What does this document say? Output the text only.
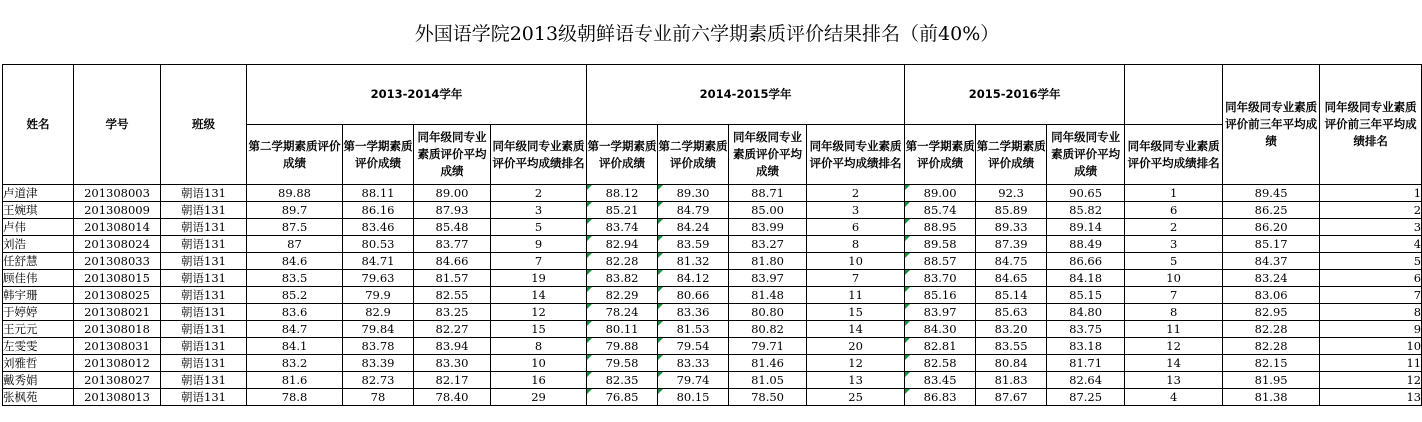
外国语学院2013级朝鲜语专业前六学期素质评价结果排名（前40%）
姓名	学号	班级	2013-2014学年				2014-2015学年				2015-2016学年				同年级同专业素质评价前三年平均成绩	同年级同专业素质评价前三年平均成绩排名
			第二学期素质评价成绩	第一学期素质评价成绩	同年级同专业素质评价平均成绩	同年级同专业素质评价平均成绩排名	第一学期素质评价成绩	第二学期素质评价成绩	同年级同专业素质评价平均成绩	同年级同专业素质评价平均成绩排名	第一学期素质评价成绩	第二学期素质评价成绩	同年级同专业素质评价平均成绩	同年级同专业素质评价平均成绩排名		
卢道津	201308003	朝语131	89.88	88.11	89.00	2	88.12	89.30	88.71	2	89.00	92.3	90.65	1	89.45	1
王婉琪	201308009	朝语131	89.7	86.16	87.93	3	85.21	84.79	85.00	3	85.74	85.89	85.82	6	86.25	2
卢伟	201308014	朝语131	87.5	83.46	85.48	5	83.74	84.24	83.99	6	88.95	89.33	89.14	2	86.20	3
刘浩	201308024	朝语131	87	80.53	83.77	9	82.94	83.59	83.27	8	89.58	87.39	88.49	3	85.17	4
任舒慧	201308033	朝语131	84.6	84.71	84.66	7	82.28	81.32	81.80	10	88.57	84.75	86.66	5	84.37	5
顾佳伟	201308015	朝语131	83.5	79.63	81.57	19	83.82	84.12	83.97	7	83.70	84.65	84.18	10	83.24	6
韩宇珊	201308025	朝语131	85.2	79.9	82.55	14	82.29	80.66	81.48	11	85.16	85.14	85.15	7	83.06	7
于婷婷	201308021	朝语131	83.6	82.9	83.25	12	78.24	83.36	80.80	15	83.97	85.63	84.80	8	82.95	8
王元元	201308018	朝语131	84.7	79.84	82.27	15	80.11	81.53	80.82	14	84.30	83.20	83.75	11	82.28	9
左雯雯	201308031	朝语131	84.1	83.78	83.94	8	79.88	79.54	79.71	20	82.81	83.55	83.18	12	82.28	10
刘雅哲	201308012	朝语131	83.2	83.39	83.30	10	79.58	83.33	81.46	12	82.58	80.84	81.71	14	82.15	11
戴秀娟	201308027	朝语131	81.6	82.73	82.17	16	82.35	79.74	81.05	13	83.45	81.83	82.64	13	81.95	12
张枫苑	201308013	朝语131	78.8	78	78.40	29	76.85	80.15	78.50	25	86.83	87.67	87.25	4	81.38	13
